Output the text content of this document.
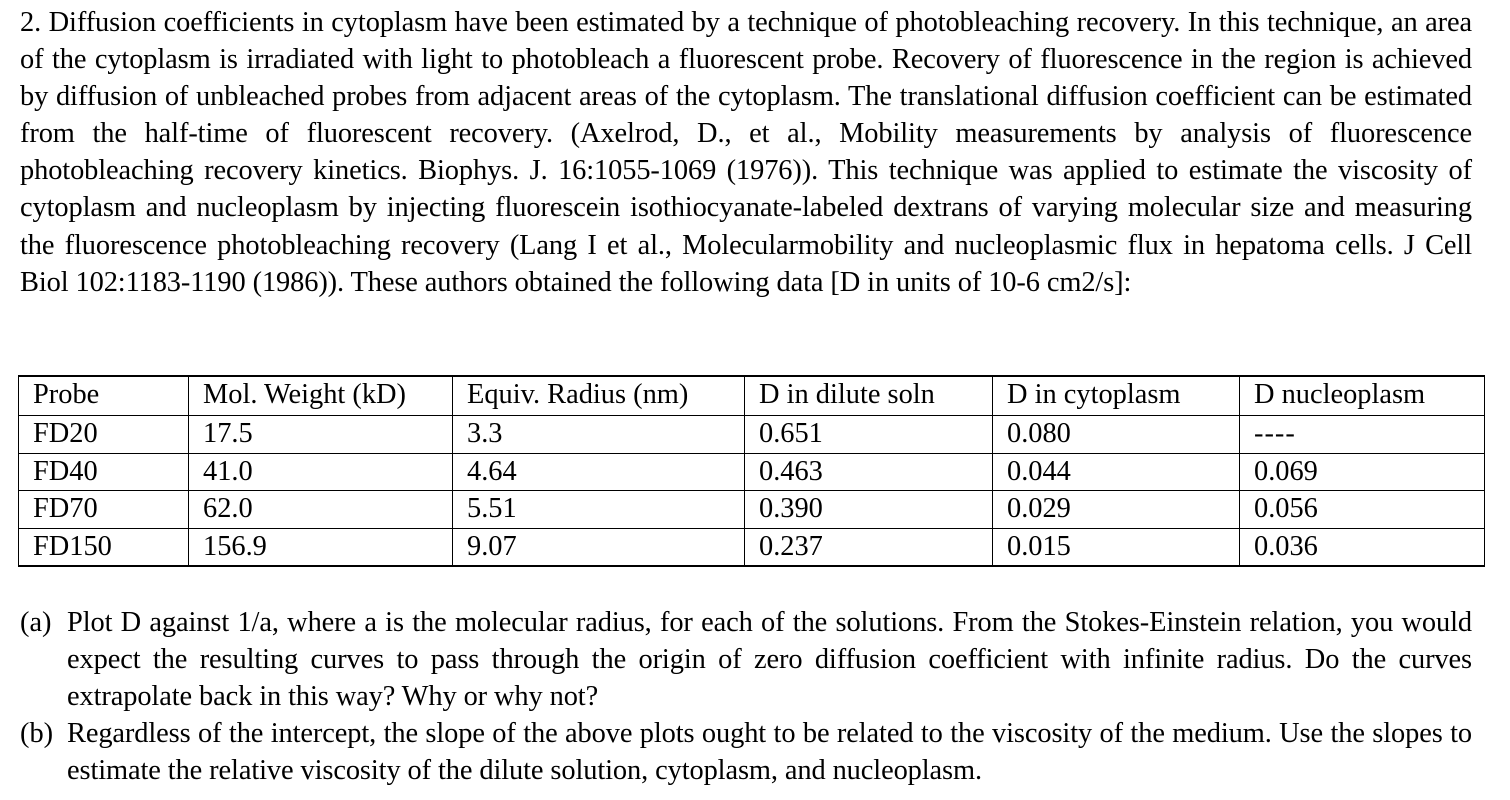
2. Diffusion coefficients in cytoplasm have been estimated by a technique of photobleaching recovery. In this technique, an area of the cytoplasm is irradiated with light to photobleach a fluorescent probe. Recovery of fluorescence in the region is achieved by diffusion of unbleached probes from adjacent areas of the cytoplasm. The translational diffusion coefficient can be estimated from the half-time of fluorescent recovery. (Axelrod, D., et al., Mobility measurements by analysis of fluorescence photobleaching recovery kinetics. Biophys. J. 16:1055-1069 (1976)). This technique was applied to estimate the viscosity of cytoplasm and nucleoplasm by injecting fluorescein isothiocyanate-labeled dextrans of varying molecular size and measuring the fluorescence photobleaching recovery (Lang I et al., Molecularmobility and nucleoplasmic flux in hepatoma cells. J Cell Biol 102:1183-1190 (1986)). These authors obtained the following data [D in units of 10-6 cm2/s]:

Probe	Mol. Weight (kD)	Equiv. Radius (nm)	D in dilute soln	D in cytoplasm	D nucleoplasm
FD20	17.5	3.3	0.651	0.080	----
FD40	41.0	4.64	0.463	0.044	0.069
FD70	62.0	5.51	0.390	0.029	0.056
FD150	156.9	9.07	0.237	0.015	0.036
(a) Plot D against 1/a, where a is the molecular radius, for each of the solutions. From the Stokes-Einstein relation, you would expect the resulting curves to pass through the origin of zero diffusion coefficient with infinite radius. Do the curves extrapolate back in this way? Why or why not?
(b) Regardless of the intercept, the slope of the above plots ought to be related to the viscosity of the medium. Use the slopes to estimate the relative viscosity of the dilute solution, cytoplasm, and nucleoplasm.
